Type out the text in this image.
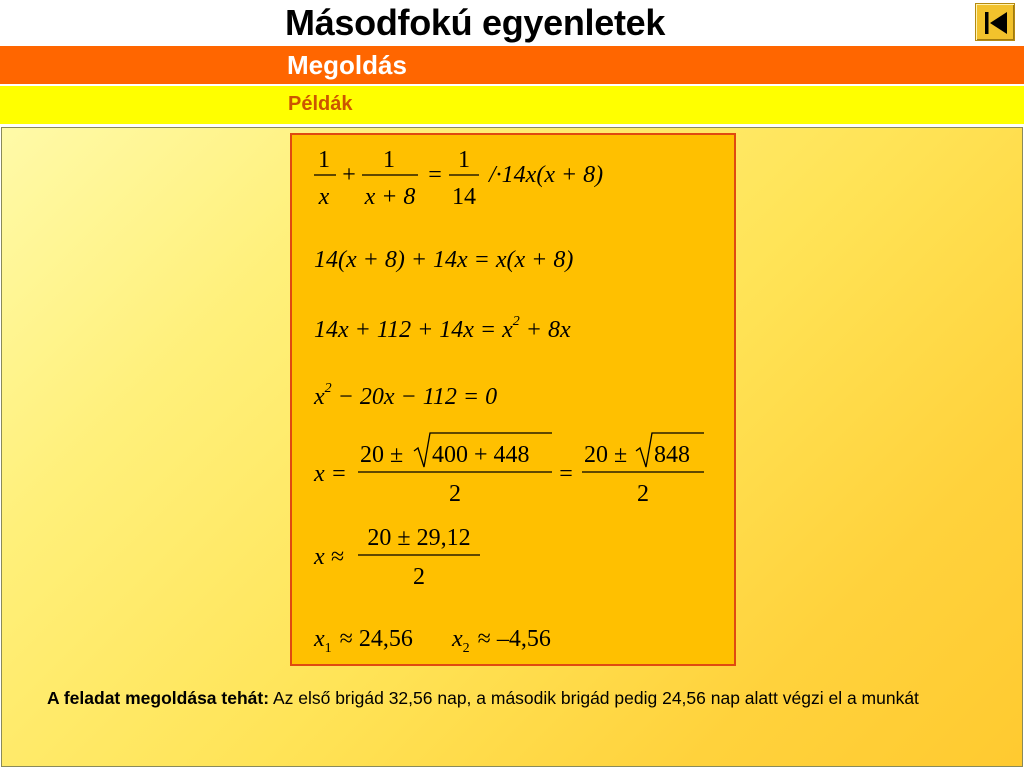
Másodfokú egyenletek
Megoldás
Példák
1
x
+
1
x + 8
=
1
14
/·14x(x + 8)
14(x + 8) + 14x = x(x + 8)
$14x + 112 + 14x = x^2 + 8x$
$x^2 - 20x - 112 = 0$
x =
20 ± 400 + 448
2
=
20 ± 848
2
x ≈
20 ± 29,12
2
$x_1 \approx 24,56$ $x_2 \approx -4,56$
A feladat megoldása tehát: Az első brigád 32,56 nap, a második brigád pedig 24,56 nap alatt végzi el a munkát
